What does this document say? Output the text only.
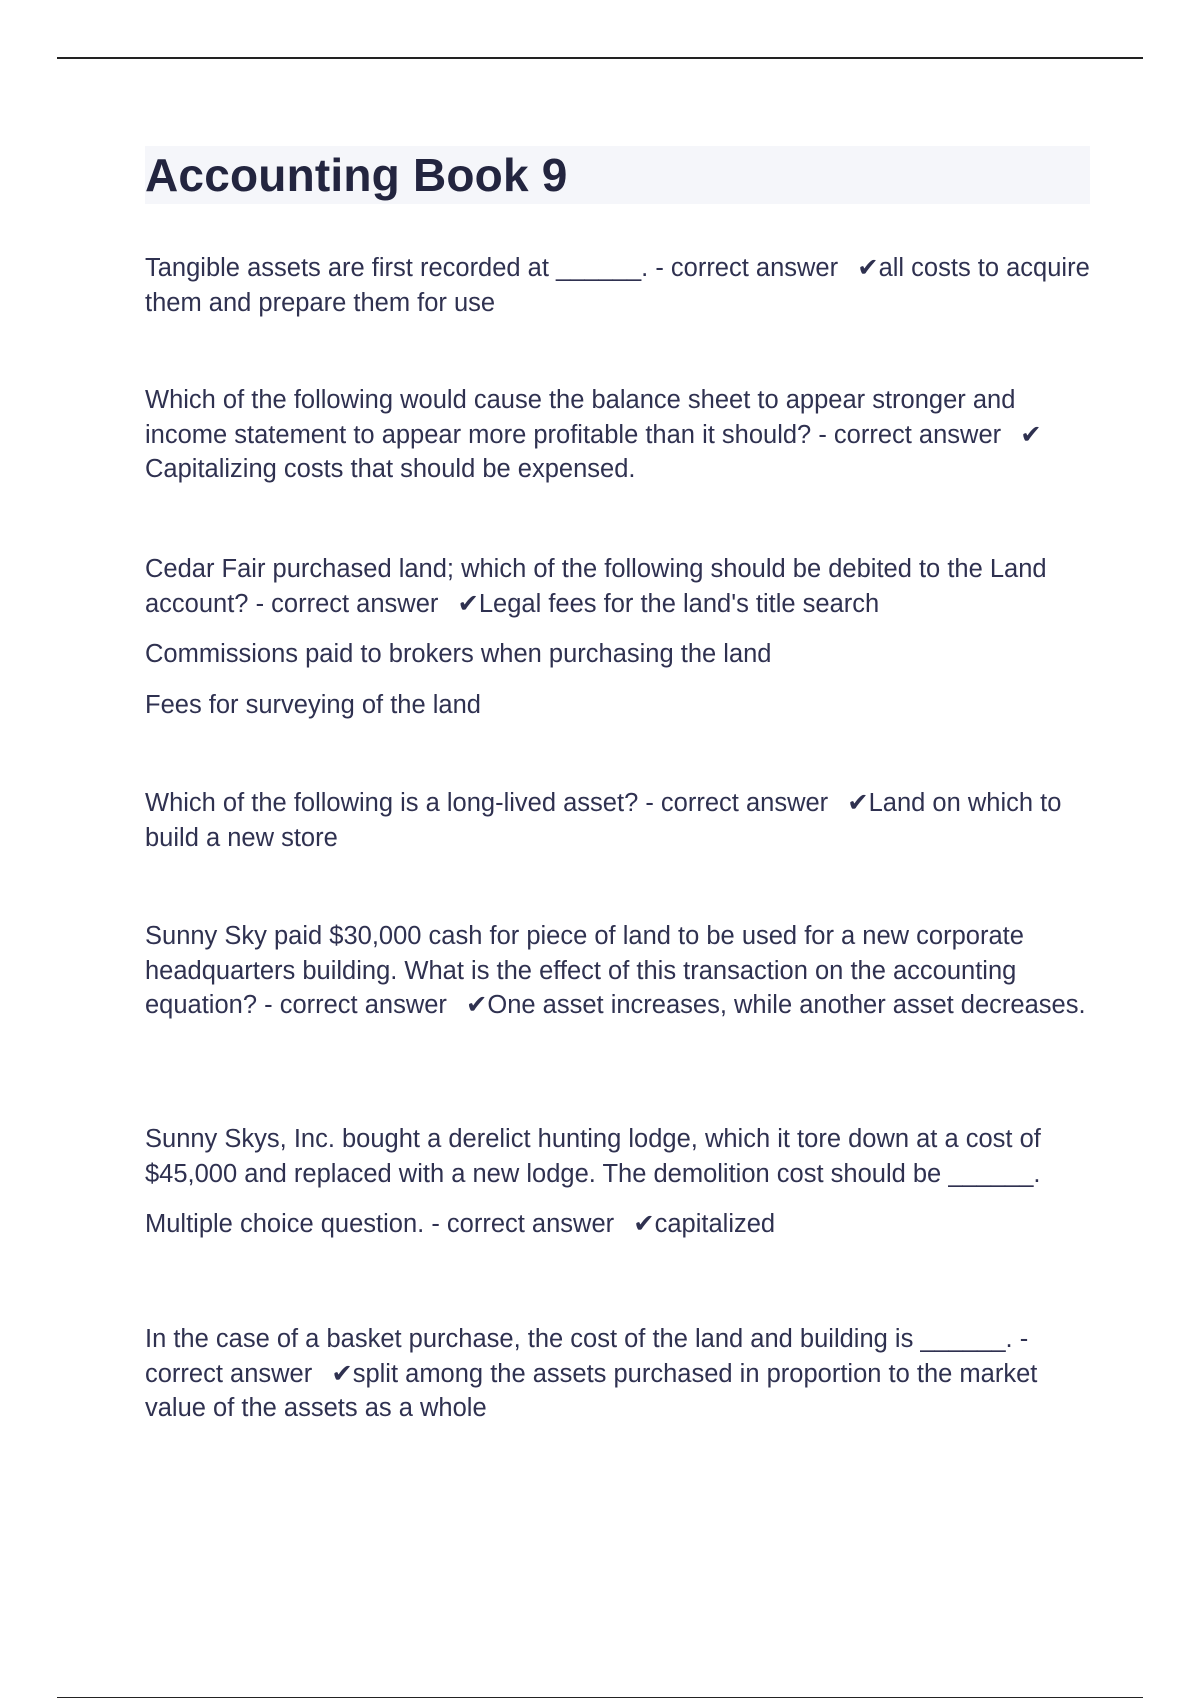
Accounting Book 9

Tangible assets are first recorded at ______. - correct answer ✔all costs to acquire them and prepare them for use

Which of the following would cause the balance sheet to appear stronger and income statement to appear more profitable than it should? - correct answer ✔Capitalizing costs that should be expensed.

Cedar Fair purchased land; which of the following should be debited to the Land account? - correct answer ✔Legal fees for the land's title search

Commissions paid to brokers when purchasing the land

Fees for surveying of the land

Which of the following is a long-lived asset? - correct answer ✔Land on which to build a new store

Sunny Sky paid $30,000 cash for piece of land to be used for a new corporate headquarters building. What is the effect of this transaction on the accounting equation? - correct answer ✔One asset increases, while another asset decreases.

Sunny Skys, Inc. bought a derelict hunting lodge, which it tore down at a cost of $45,000 and replaced with a new lodge. The demolition cost should be ______.

Multiple choice question. - correct answer ✔capitalized

In the case of a basket purchase, the cost of the land and building is ______. - correct answer ✔split among the assets purchased in proportion to the market value of the assets as a whole
